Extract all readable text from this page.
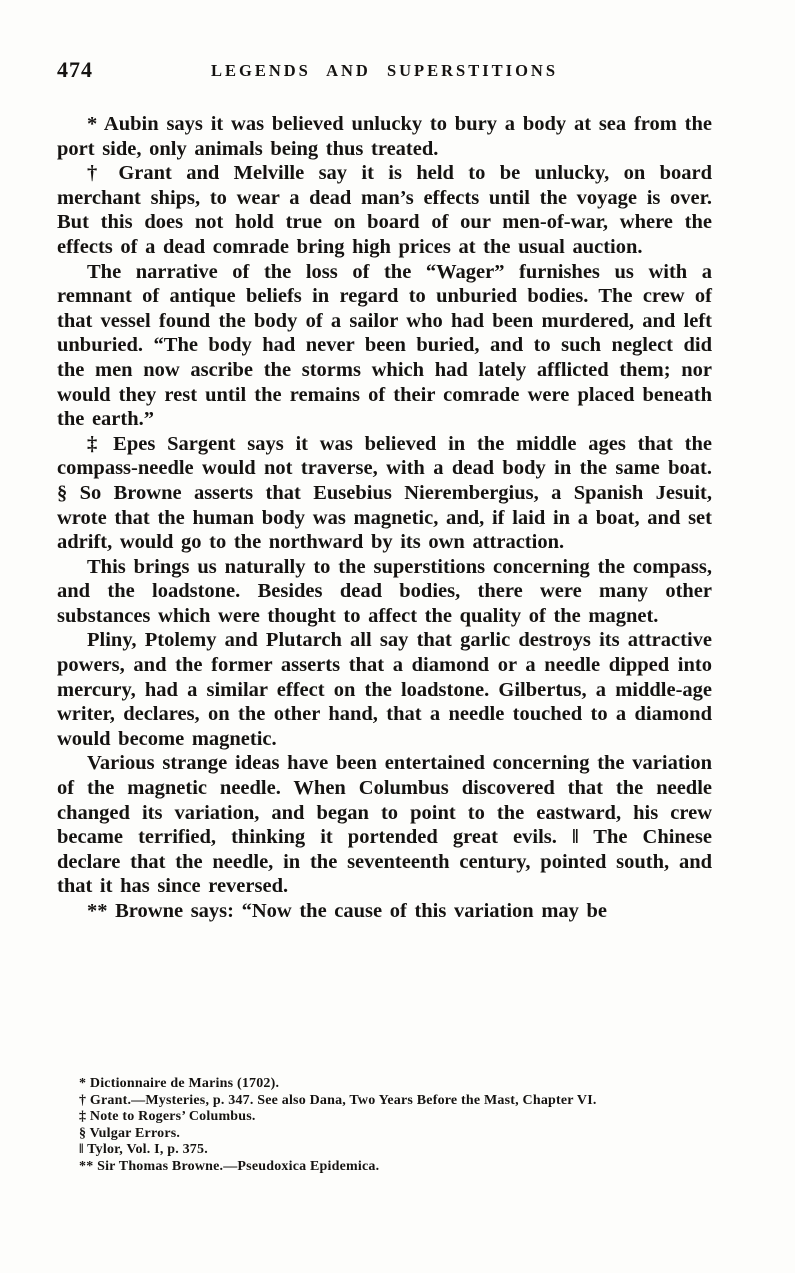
474	LEGENDS AND SUPERSTITIONS

* Aubin says it was believed unlucky to bury a body at sea from the port side, only animals being thus treated.

† Grant and Melville say it is held to be unlucky, on board merchant ships, to wear a dead man’s effects until the voyage is over. But this does not hold true on board of our men-of-war, where the effects of a dead comrade bring high prices at the usual auction.

The narrative of the loss of the “Wager” furnishes us with a remnant of antique beliefs in regard to unburied bodies. The crew of that vessel found the body of a sailor who had been murdered, and left unburied. “The body had never been buried, and to such neglect did the men now ascribe the storms which had lately afflicted them; nor would they rest until the remains of their comrade were placed beneath the earth.”

‡ Epes Sargent says it was believed in the middle ages that the compass-needle would not traverse, with a dead body in the same boat. § So Browne asserts that Eusebius Nierembergius, a Spanish Jesuit, wrote that the human body was magnetic, and, if laid in a boat, and set adrift, would go to the northward by its own attraction.

This brings us naturally to the superstitions concerning the compass, and the loadstone. Besides dead bodies, there were many other substances which were thought to affect the quality of the magnet.

Pliny, Ptolemy and Plutarch all say that garlic destroys its attractive powers, and the former asserts that a diamond or a needle dipped into mercury, had a similar effect on the loadstone. Gilbertus, a middle-age writer, declares, on the other hand, that a needle touched to a diamond would become magnetic.

Various strange ideas have been entertained concerning the variation of the magnetic needle. When Columbus discovered that the needle changed its variation, and began to point to the eastward, his crew became terrified, thinking it portended great evils. ‖ The Chinese declare that the needle, in the seventeenth century, pointed south, and that it has since reversed.

** Browne says: “Now the cause of this variation may be

* Dictionnaire de Marins (1702).

† Grant.—Mysteries, p. 347. See also Dana, Two Years Before the Mast, Chapter VI.

‡ Note to Rogers’ Columbus.

§ Vulgar Errors.

‖ Tylor, Vol. I, p. 375.

** Sir Thomas Browne.—Pseudoxica Epidemica.
